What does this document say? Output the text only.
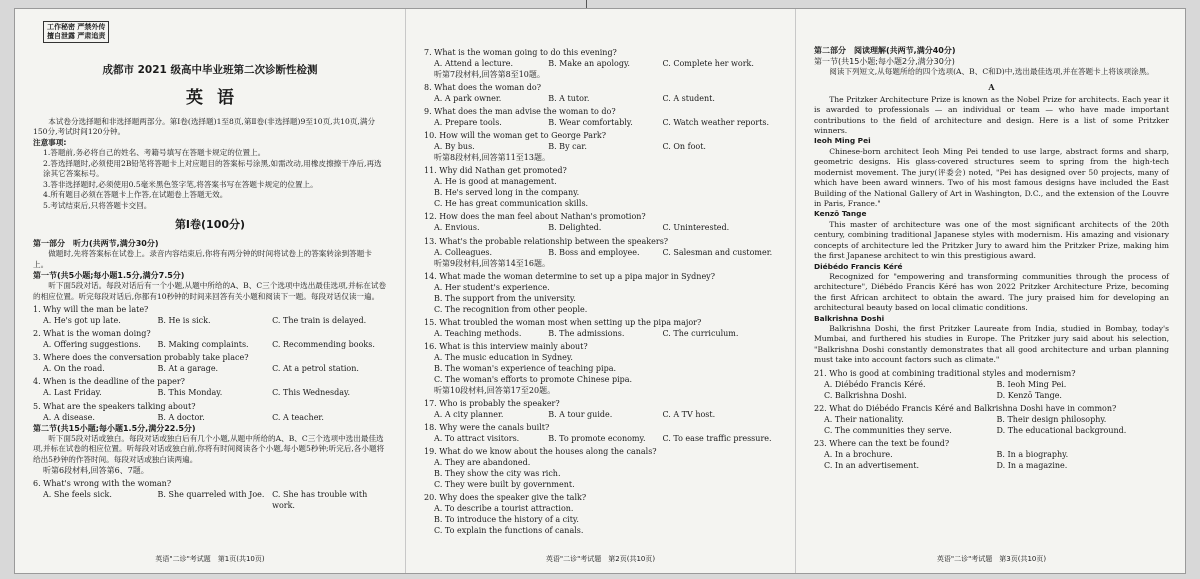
工作秘密 严禁外传
擅自泄露 严肃追责
成都市 2021 级高中毕业班第二次诊断性检测
英语

本试卷分选择题和非选择题两部分。第Ⅰ卷(选择题)1至8页,第Ⅱ卷(非选择题)9至10页,共10页,满分150分,考试时间120分钟。

注意事项:

1.答题前,务必将自己的姓名、考籍号填写在答题卡规定的位置上。

2.答选择题时,必须使用2B铅笔将答题卡上对应题目的答案标号涂黑,如需改动,用橡皮擦擦干净后,再选涂其它答案标号。

3.答非选择题时,必须使用0.5毫米黑色签字笔,将答案书写在答题卡规定的位置上。

4.所有题目必须在答题卡上作答,在试题卷上答题无效。

5.考试结束后,只将答题卡交回。

第Ⅰ卷(100分)

第一部分　听力(共两节,满分30分)

做题时,先将答案标在试卷上。录音内容结束后,你将有两分钟的时间将试卷上的答案转涂到答题卡上。

第一节(共5小题;每小题1.5分,满分7.5分)

听下面5段对话。每段对话后有一个小题,从题中所给的A、B、C三个选项中选出最佳选项,并标在试卷的相应位置。听完每段对话后,你都有10秒钟的时间来回答有关小题和阅读下一题。每段对话仅读一遍。

1. Why will the man be late?

A. He's got up late.	B. He is sick.	C. The train is delayed.

2. What is the woman doing?

A. Offering suggestions.	B. Making complaints.	C. Recommending books.

3. Where does the conversation probably take place?

A. On the road.	B. At a garage.	C. At a petrol station.

4. When is the deadline of the paper?

A. Last Friday.	B. This Monday.	C. This Wednesday.

5. What are the speakers talking about?

A. A disease.	B. A doctor.	C. A teacher.

第二节(共15小题;每小题1.5分,满分22.5分)

听下面5段对话或独白。每段对话或独白后有几个小题,从题中所给的A、B、C三个选项中选出最佳选项,并标在试卷的相应位置。听每段对话或独白前,你将有时间阅读各个小题,每小题5秒钟;听完后,各小题将给出5秒钟的作答时间。每段对话或独白读两遍。

听第6段材料,回答第6、7题。

6. What's wrong with the woman?

A. She feels sick.	B. She quarreled with Joe. C. She has trouble with work.
英语"二诊"考试题　第1页(共10页)

7. What is the woman going to do this evening?

A. Attend a lecture.	B. Make an apology.	C. Complete her work.

听第7段材料,回答第8至10题。

8. What does the woman do?

A. A park owner.	B. A tutor.	C. A student.

9. What does the man advise the woman to do?

A. Prepare tools.	B. Wear comfortably.	C. Watch weather reports.

10. How will the woman get to George Park?

A. By bus.	B. By car.	C. On foot.

听第8段材料,回答第11至13题。

11. Why did Nathan get promoted?

A. He is good at management.
B. He's served long in the company.
C. He has great communication skills.

12. How does the man feel about Nathan's promotion?

A. Envious.	B. Delighted.	C. Uninterested.

13. What's the probable relationship between the speakers?

A. Colleagues.	B. Boss and employee.	C. Salesman and customer.

听第9段材料,回答第14至16题。

14. What made the woman determine to set up a pipa major in Sydney?

A. Her student's experience.
B. The support from the university.
C. The recognition from other people.

15. What troubled the woman most when setting up the pipa major?

A. Teaching methods.	B. The admissions.	C. The curriculum.

16. What is this interview mainly about?

A. The music education in Sydney.
B. The woman's experience of teaching pipa.
C. The woman's efforts to promote Chinese pipa.

听第10段材料,回答第17至20题。

17. Who is probably the speaker?

A. A city planner.	B. A tour guide.	C. A TV host.

18. Why were the canals built?

A. To attract visitors.	B. To promote economy.	C. To ease traffic pressure.

19. What do we know about the houses along the canals?

A. They are abandoned.
B. They show the city was rich.
C. They were built by government.

20. Why does the speaker give the talk?

A. To describe a tourist attraction.
B. To introduce the history of a city.
C. To explain the functions of canals.
英语"二诊"考试题　第2页(共10页)

第二部分　阅读理解(共两节,满分40分)

第一节(共15小题;每小题2分,满分30分)

阅读下列短文,从每题所给的四个选项(A、B、C和D)中,选出最佳选项,并在答题卡上将该项涂黑。

A

The Pritzker Architecture Prize is known as the Nobel Prize for architects. Each year it is awarded to professionals — an individual or team — who have made important contributions to the field of architecture and design. Here is a list of some Pritzker winners.

Ieoh Ming Pei

Chinese-born architect Ieoh Ming Pei tended to use large, abstract forms and sharp, geometric designs. His glass-covered structures seem to spring from the high-tech modernist movement. The jury(评委会) noted, "Pei has designed over 50 projects, many of which have been award winners. Two of his most famous designs have included the East Building of the National Gallery of Art in Washington, D.C., and the extension of the Louvre in Paris, France."

Kenzō Tange

This master of architecture was one of the most significant architects of the 20th century, combining traditional Japanese styles with modernism. His amazing and visionary concepts of architecture led the Pritzker Jury to award him the Pritzker Prize, making him the first Japanese architect to win this prestigious award.

Diébédo Francis Kéré

Recognized for "empowering and transforming communities through the process of architecture", Diébédo Francis Kéré has won 2022 Pritzker Architecture Prize, becoming the first African architect to obtain the award. The jury praised him for developing an architectural beauty based on local climatic conditions.

Balkrishna Doshi

Balkrishna Doshi, the first Pritzker Laureate from India, studied in Bombay, today's Mumbai, and furthered his studies in Europe. The Pritzker jury said about his selection, "Balkrishna Doshi constantly demonstrates that all good architecture and urban planning must take into account factors such as climate."

21. Who is good at combining traditional styles and modernism?

A. Diébédo Francis Kéré.	B. Ieoh Ming Pei.
C. Balkrishna Doshi.	D. Kenzō Tange.

22. What do Diébédo Francis Kéré and Balkrishna Doshi have in common?

A. Their nationality.	B. Their design philosophy.
C. The communities they serve.	D. The educational background.

23. Where can the text be found?

A. In a brochure.	B. In a biography.
C. In an advertisement.	D. In a magazine.
英语"二诊"考试题　第3页(共10页)
